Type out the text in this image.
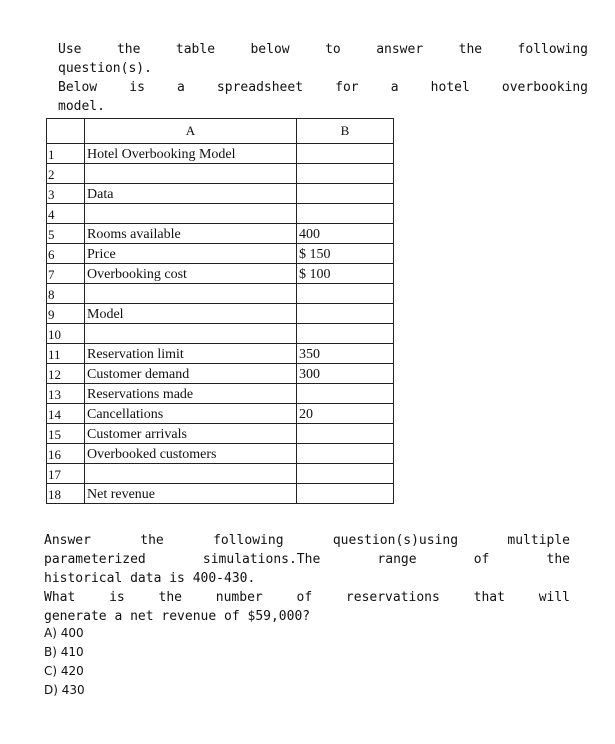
Use the table below to answer the following
question(s).
Below is a spreadsheet for a hotel overbooking
model.
	A	B
1	Hotel Overbooking Model	
2		
3	Data	
4		
5	Rooms available	400
6	Price	$ 150
7	Overbooking cost	$ 100
8		
9	Model	
10		
11	Reservation limit	350
12	Customer demand	300
13	Reservations made	
14	Cancellations	20
15	Customer arrivals	
16	Overbooked customers	
17		
18	Net revenue	
Answer the following question(s)using multiple
parameterized simulations.The range of the
historical data is 400-430.
What is the number of reservations that will
generate a net revenue of $59,000?
A) 400
B) 410
C) 420
D) 430
